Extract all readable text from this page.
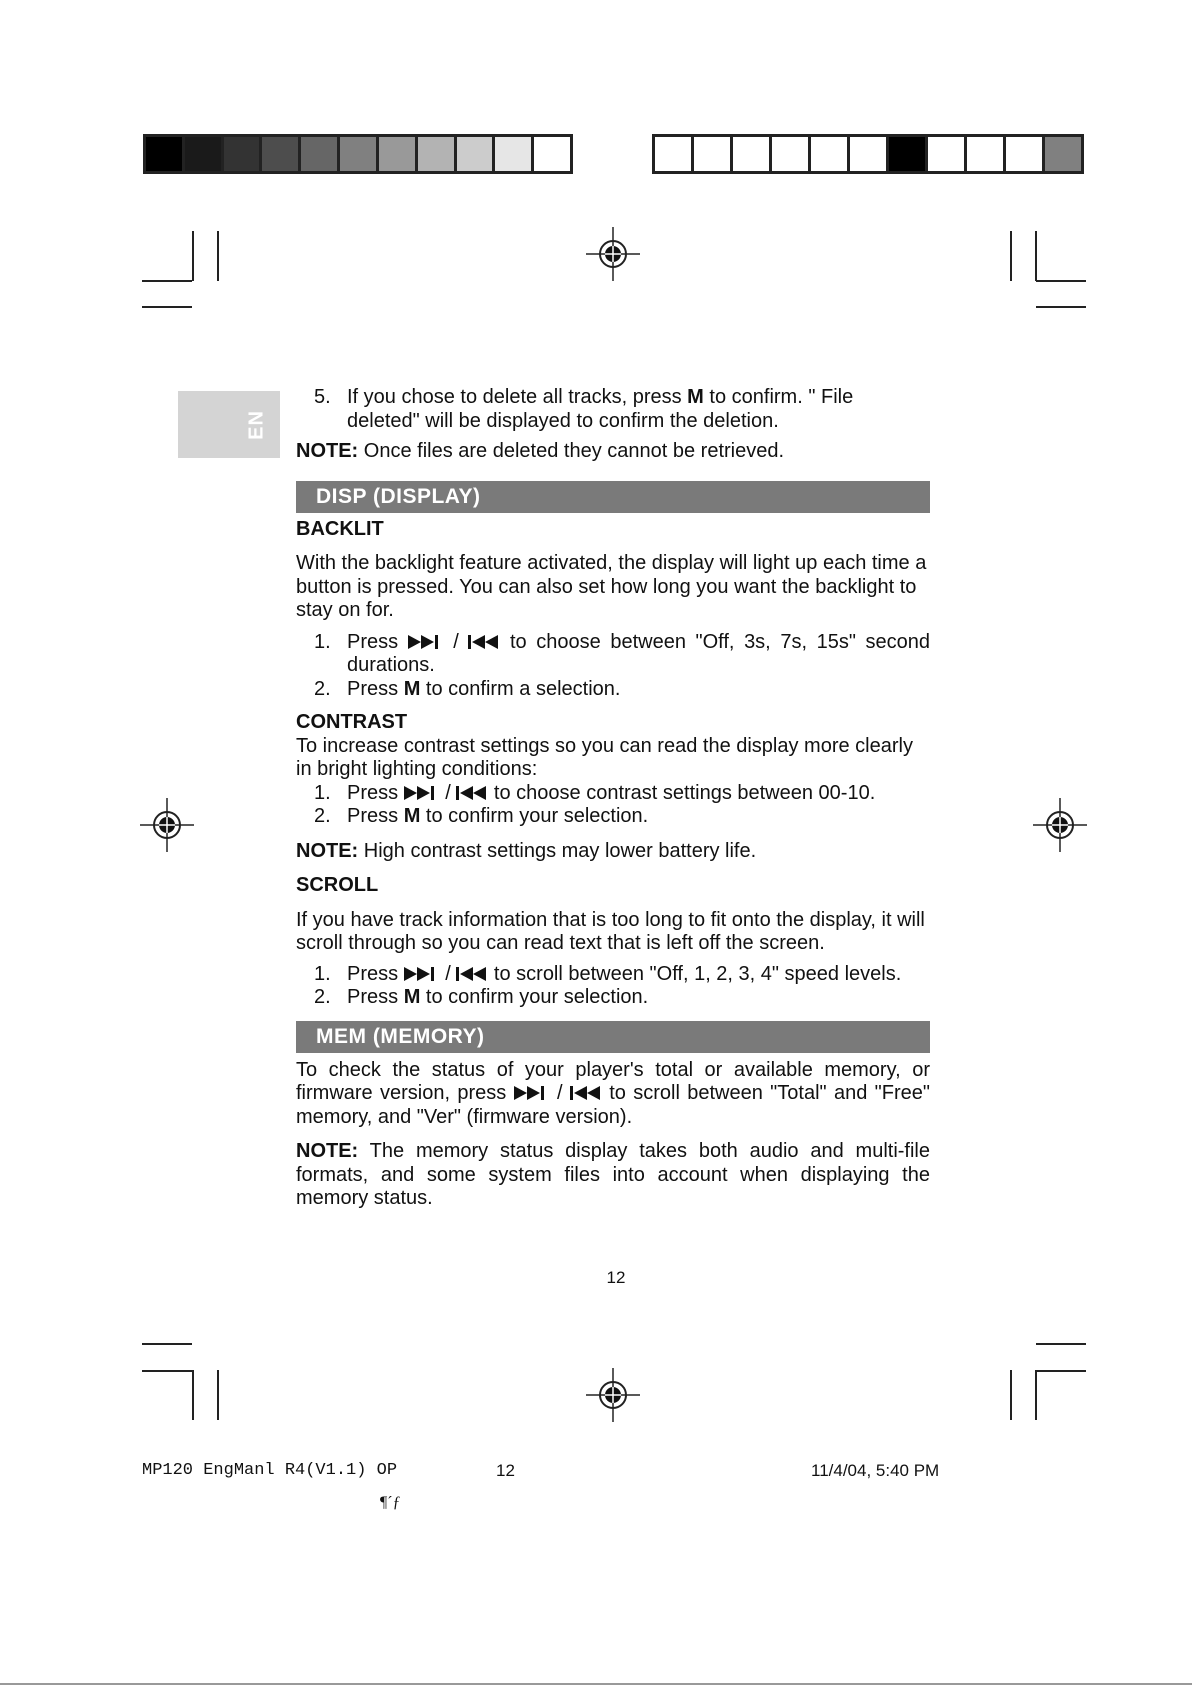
EN
5. If you chose to delete all tracks, press M to confirm. " File deleted" will be displayed to confirm the deletion.

NOTE: Once files are deleted they cannot be retrieved.

DISP (DISPLAY)

BACKLIT

With the backlight feature activated, the display will light up each time a button is pressed. You can also set how long you want the backlight to stay on for.

1. Press  /  to choose between "Off, 3s, 7s, 15s" second durations.
2. Press M to confirm a selection.

CONTRAST

To increase contrast settings so you can read the display more clearly in bright lighting conditions:

1. Press  /  to choose contrast settings between 00-10.
2. Press M to confirm your selection.

NOTE: High contrast settings may lower battery life.

SCROLL

If you have track information that is too long to fit onto the display, it will scroll through so you can read text that is left off the screen.

1. Press  /  to scroll between "Off, 1, 2, 3, 4" speed levels.
2. Press M to confirm your selection.
MEM (MEMORY)

To check the status of your player's total or available memory, or firmware version, press  /  to scroll between "Total" and "Free" memory, and "Ver" (firmware version).

NOTE: The memory status display takes both audio and multi-file formats, and some system files into account when displaying the memory status.

12
MP120 EngManl R4(V1.1) OP	12	11/4/04, 5:40 PM
¶´ƒ
